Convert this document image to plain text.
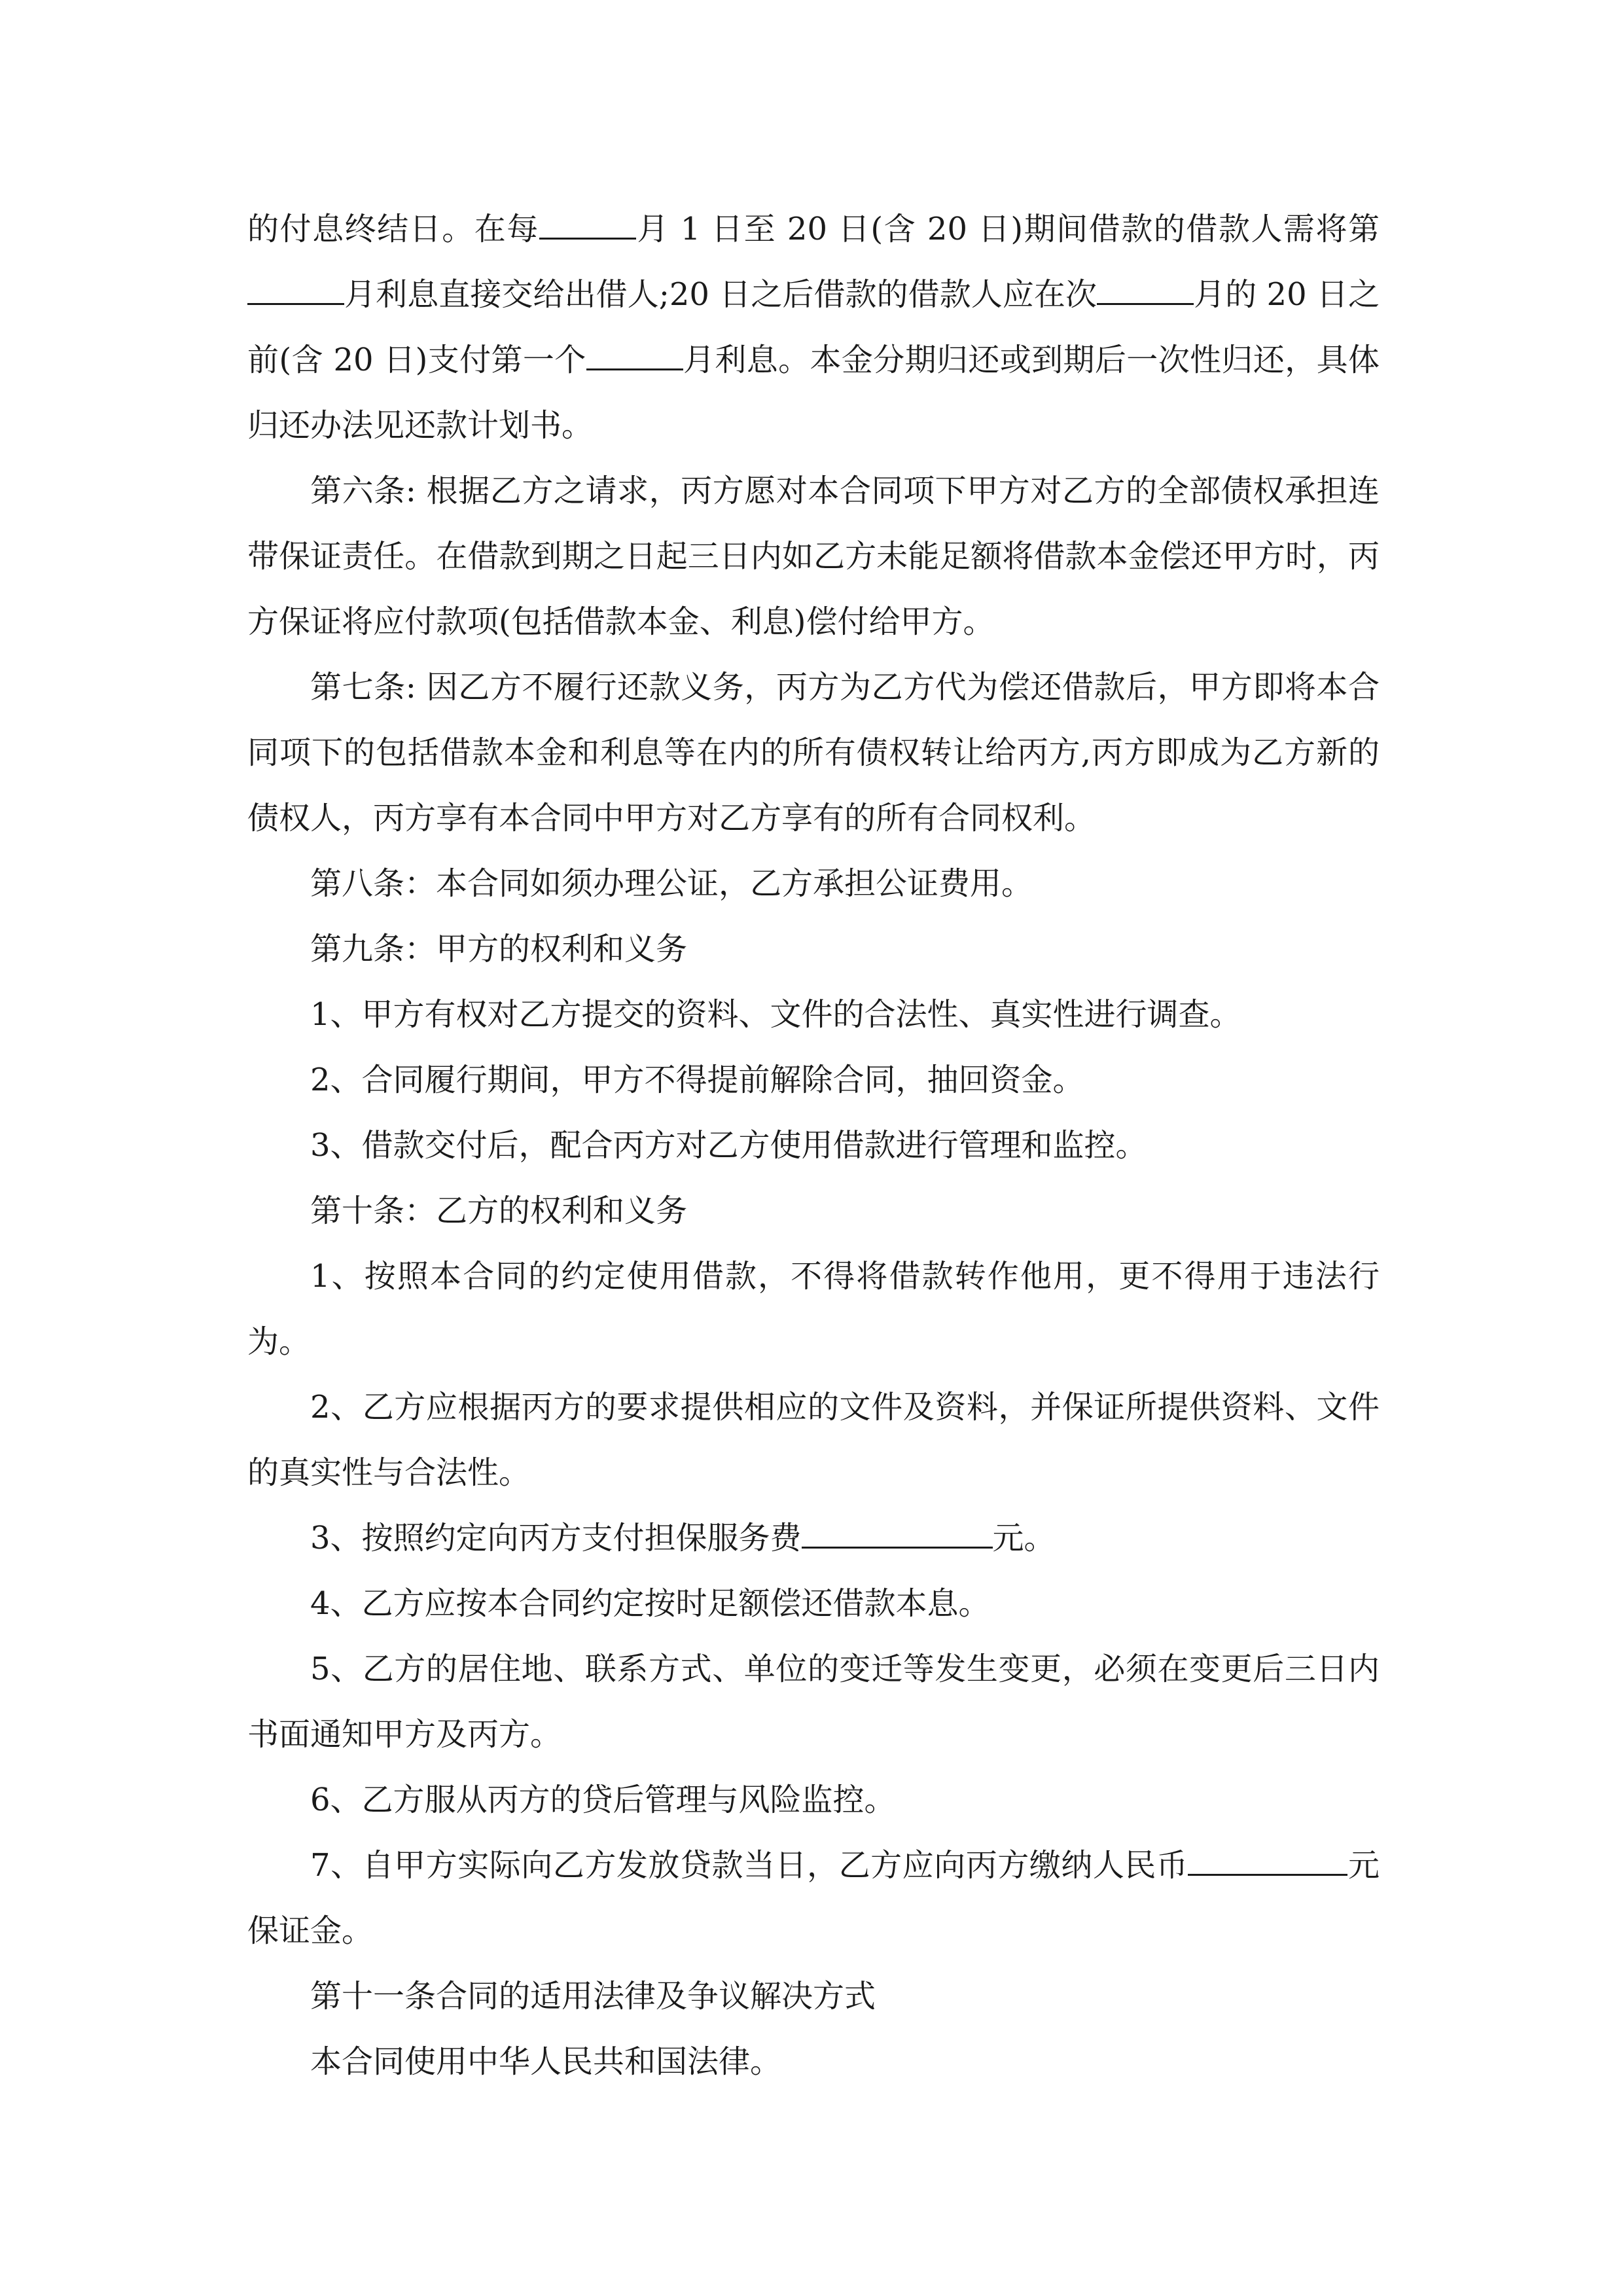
的付息终结日。在每	月 1 日至 20 日(含 20 日)期间借款的借款人需将第月利息直接交给出借人;20 日之后借款的借款人应在次	月的 20 日之前(含 20 日)支付第一个	月利息。本金分期归还或到期后一次性归还，具体归还办法见还款计划书。

第六条: 根据乙方之请求，丙方愿对本合同项下甲方对乙方的全部债权承担连带保证责任。在借款到期之日起三日内如乙方未能足额将借款本金偿还甲方时，丙方保证将应付款项(包括借款本金、利息)偿付给甲方。

第七条: 因乙方不履行还款义务，丙方为乙方代为偿还借款后，甲方即将本合同项下的包括借款本金和利息等在内的所有债权转让给丙方,丙方即成为乙方新的债权人，丙方享有本合同中甲方对乙方享有的所有合同权利。

第八条：本合同如须办理公证，乙方承担公证费用。

第九条：甲方的权利和义务

1、甲方有权对乙方提交的资料、文件的合法性、真实性进行调查。

2、合同履行期间，甲方不得提前解除合同，抽回资金。

3、借款交付后，配合丙方对乙方使用借款进行管理和监控。

第十条：乙方的权利和义务

1、按照本合同的约定使用借款，不得将借款转作他用，更不得用于违法行为。

2、乙方应根据丙方的要求提供相应的文件及资料，并保证所提供资料、文件的真实性与合法性。

3、按照约定向丙方支付担保服务费	元。

4、乙方应按本合同约定按时足额偿还借款本息。

5、乙方的居住地、联系方式、单位的变迁等发生变更，必须在变更后三日内书面通知甲方及丙方。

6、乙方服从丙方的贷后管理与风险监控。

7、自甲方实际向乙方发放贷款当日，乙方应向丙方缴纳人民币	元保证金。

第十一条合同的适用法律及争议解决方式

本合同使用中华人民共和国法律。
